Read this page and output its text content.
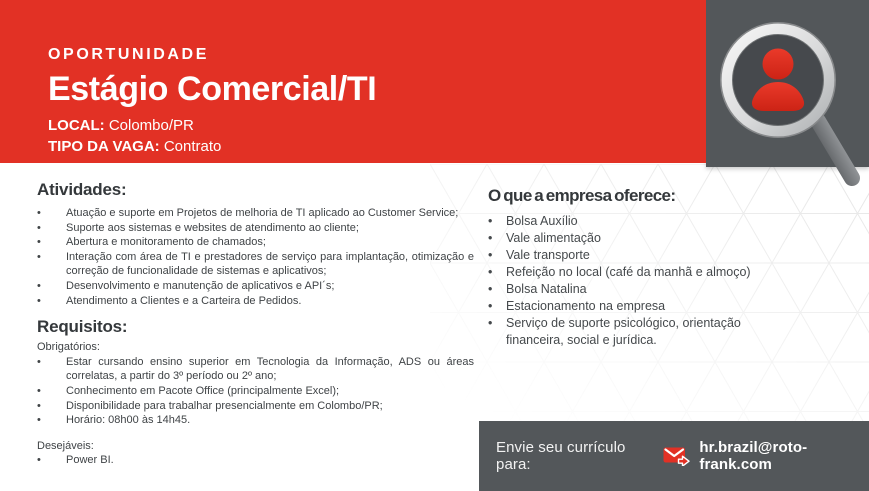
OPORTUNIDADE
Estágio Comercial/TI
LOCAL: Colombo/PR
TIPO DA VAGA: Contrato
Atividades:
•	Atuação e suporte em Projetos de melhoria de TI aplicado ao Customer Service;
•	Suporte aos sistemas e websites de atendimento ao cliente;
•	Abertura e monitoramento de chamados;
•	Interação com área de TI e prestadores de serviço para implantação, otimização e correção de funcionalidade de sistemas e aplicativos;
•	Desenvolvimento e manutenção de aplicativos e API´s;
•	Atendimento a Clientes e a Carteira de Pedidos.
Requisitos:
Obrigatórios:
•	Estar cursando ensino superior em Tecnologia da Informação, ADS ou áreas correlatas, a partir do 3º período ou 2º ano;
•	Conhecimento em Pacote Office (principalmente Excel);
•	Disponibilidade para trabalhar presencialmente em Colombo/PR;
•	Horário: 08h00 às 14h45.
Desejáveis:
•	Power BI.
O que a empresa oferece:
•	Bolsa Auxílio
•	Vale alimentação
•	Vale transporte
•	Refeição no local (café da manhã e almoço)
•	Bolsa Natalina
•	Estacionamento na empresa
•	Serviço de suporte psicológico, orientação financeira, social e jurídica.
Envie seu currículo para:
hr.brazil@roto-frank.com
